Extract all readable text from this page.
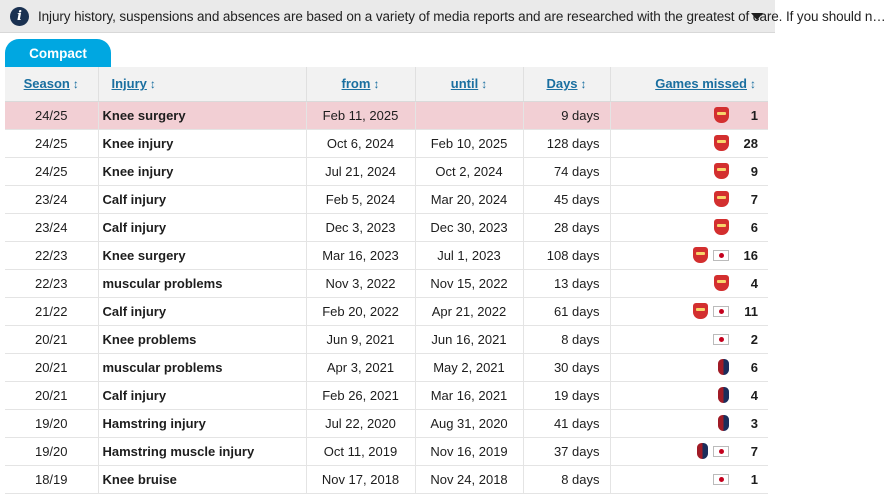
i	Injury history, suspensions and absences are based on a variety of media reports and are researched with the greatest of care. If you should n…
Compact	Detailed
Season ↕	Injury ↕	from ↕	until ↕	Days ↕	Games missed ↕
24/25	Knee surgery	Feb 11, 2025		9 days	1

24/25	Knee injury	Oct 6, 2024	Feb 10, 2025	128 days	28

24/25	Knee injury	Jul 21, 2024	Oct 2, 2024	74 days	9

23/24	Calf injury	Feb 5, 2024	Mar 20, 2024	45 days	7

23/24	Calf injury	Dec 3, 2023	Dec 30, 2023	28 days	6

22/23	Knee surgery	Mar 16, 2023	Jul 1, 2023	108 days	16

22/23	muscular problems	Nov 3, 2022	Nov 15, 2022	13 days	4

21/22	Calf injury	Feb 20, 2022	Apr 21, 2022	61 days	11

20/21	Knee problems	Jun 9, 2021	Jun 16, 2021	8 days	2

20/21	muscular problems	Apr 3, 2021	May 2, 2021	30 days	6

20/21	Calf injury	Feb 26, 2021	Mar 16, 2021	19 days	4

19/20	Hamstring injury	Jul 22, 2020	Aug 31, 2020	41 days	3

19/20	Hamstring muscle injury	Oct 11, 2019	Nov 16, 2019	37 days	7

18/19	Knee bruise	Nov 17, 2018	Nov 24, 2018	8 days	1
